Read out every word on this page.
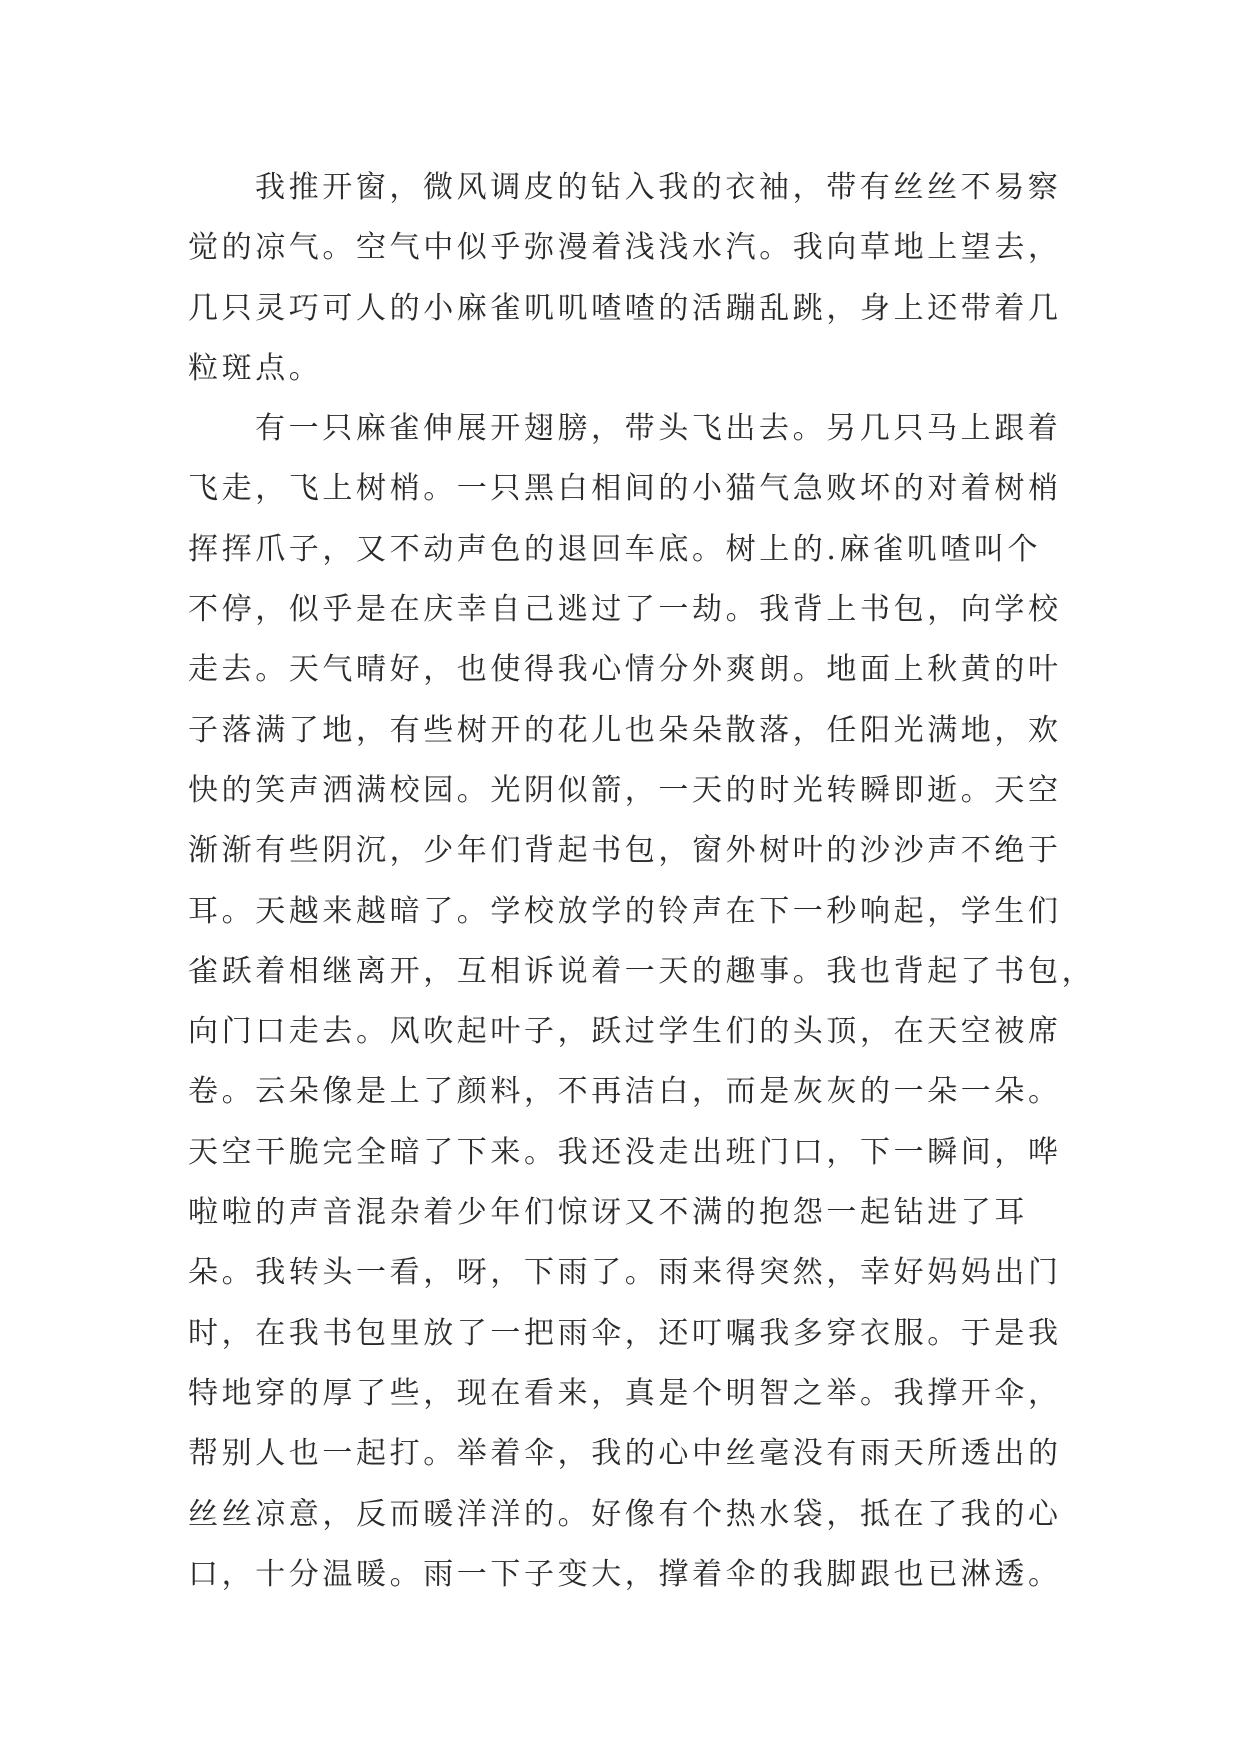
我推开窗，微风调皮的钻入我的衣袖，带有丝丝不易察
觉的凉气。空气中似乎弥漫着浅浅水汽。我向草地上望去，
几只灵巧可人的小麻雀叽叽喳喳的活蹦乱跳，身上还带着几
粒斑点。
有一只麻雀伸展开翅膀，带头飞出去。另几只马上跟着
飞走，飞上树梢。一只黑白相间的小猫气急败坏的对着树梢
挥挥爪子，又不动声色的退回车底。树上的.麻雀叽喳叫个
不停，似乎是在庆幸自己逃过了一劫。我背上书包，向学校
走去。天气晴好，也使得我心情分外爽朗。地面上秋黄的叶
子落满了地，有些树开的花儿也朵朵散落，任阳光满地，欢
快的笑声洒满校园。光阴似箭，一天的时光转瞬即逝。天空
渐渐有些阴沉，少年们背起书包，窗外树叶的沙沙声不绝于
耳。天越来越暗了。学校放学的铃声在下一秒响起，学生们
雀跃着相继离开，互相诉说着一天的趣事。我也背起了书包，
向门口走去。风吹起叶子，跃过学生们的头顶，在天空被席
卷。云朵像是上了颜料，不再洁白，而是灰灰的一朵一朵。
天空干脆完全暗了下来。我还没走出班门口，下一瞬间，哗
啦啦的声音混杂着少年们惊讶又不满的抱怨一起钻进了耳
朵。我转头一看，呀，下雨了。雨来得突然，幸好妈妈出门
时，在我书包里放了一把雨伞，还叮嘱我多穿衣服。于是我
特地穿的厚了些，现在看来，真是个明智之举。我撑开伞，
帮别人也一起打。举着伞，我的心中丝毫没有雨天所透出的
丝丝凉意，反而暖洋洋的。好像有个热水袋，抵在了我的心
口，十分温暖。雨一下子变大，撑着伞的我脚跟也已淋透。
